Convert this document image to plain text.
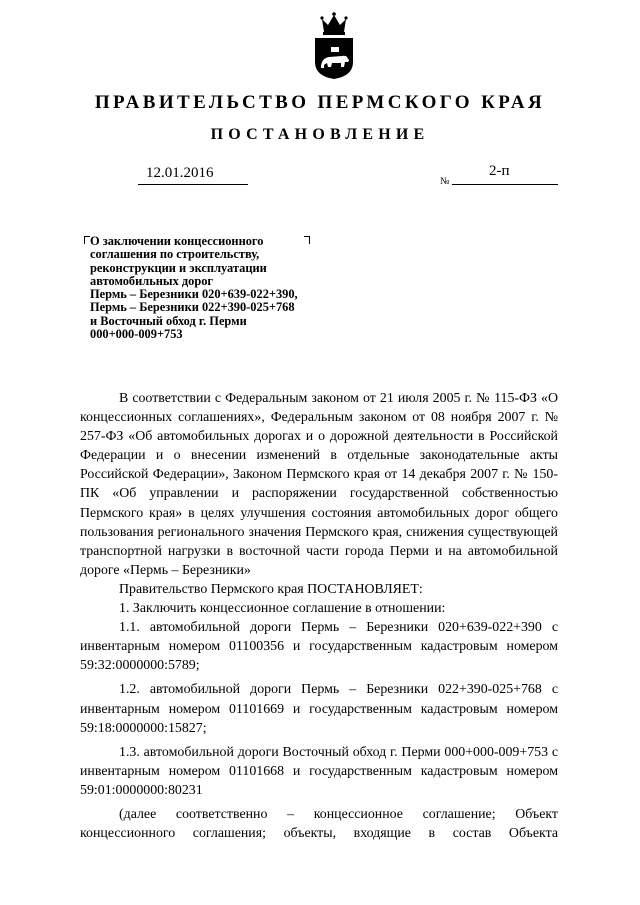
ПРАВИТЕЛЬСТВО ПЕРМСКОГО КРАЯ
ПОСТАНОВЛЕНИЕ
12.01.2016
№
2-п
О заключении концессионного
соглашения по строительству,
реконструкции и эксплуатации
автомобильных дорог
Пермь – Березники 020+639-022+390,
Пермь – Березники 022+390-025+768
и Восточный обход г. Перми
000+000-009+753
В соответствии с Федеральным законом от 21 июля 2005 г. № 115-ФЗ «О концессионных соглашениях», Федеральным законом от 08 ноября 2007 г. № 257-ФЗ «Об автомобильных дорогах и о дорожной деятельности в Российской Федерации и о внесении изменений в отдельные законодательные акты Российской Федерации», Законом Пермского края от 14 декабря 2007 г. № 150-ПК «Об управлении и распоряжении государственной собственностью Пермского края» в целях улучшения состояния автомобильных дорог общего пользования регионального значения Пермского края, снижения существующей транспортной нагрузки в восточной части города Перми и на автомобильной дороге «Пермь – Березники»
Правительство Пермского края ПОСТАНОВЛЯЕТ:
1. Заключить концессионное соглашение в отношении:
1.1. автомобильной дороги Пермь – Березники 020+639-022+390 с инвентарным номером 01100356 и государственным кадастровым номером 59:32:0000000:5789;
1.2. автомобильной дороги Пермь – Березники 022+390-025+768 с инвентарным номером 01101669 и государственным кадастровым номером 59:18:0000000:15827;
1.3. автомобильной дороги Восточный обход г. Перми 000+000-009+753 с инвентарным номером 01101668 и государственным кадастровым номером 59:01:0000000:80231
(далее соответственно – концессионное соглашение; Объект концессионного соглашения; объекты, входящие в состав Объекта
